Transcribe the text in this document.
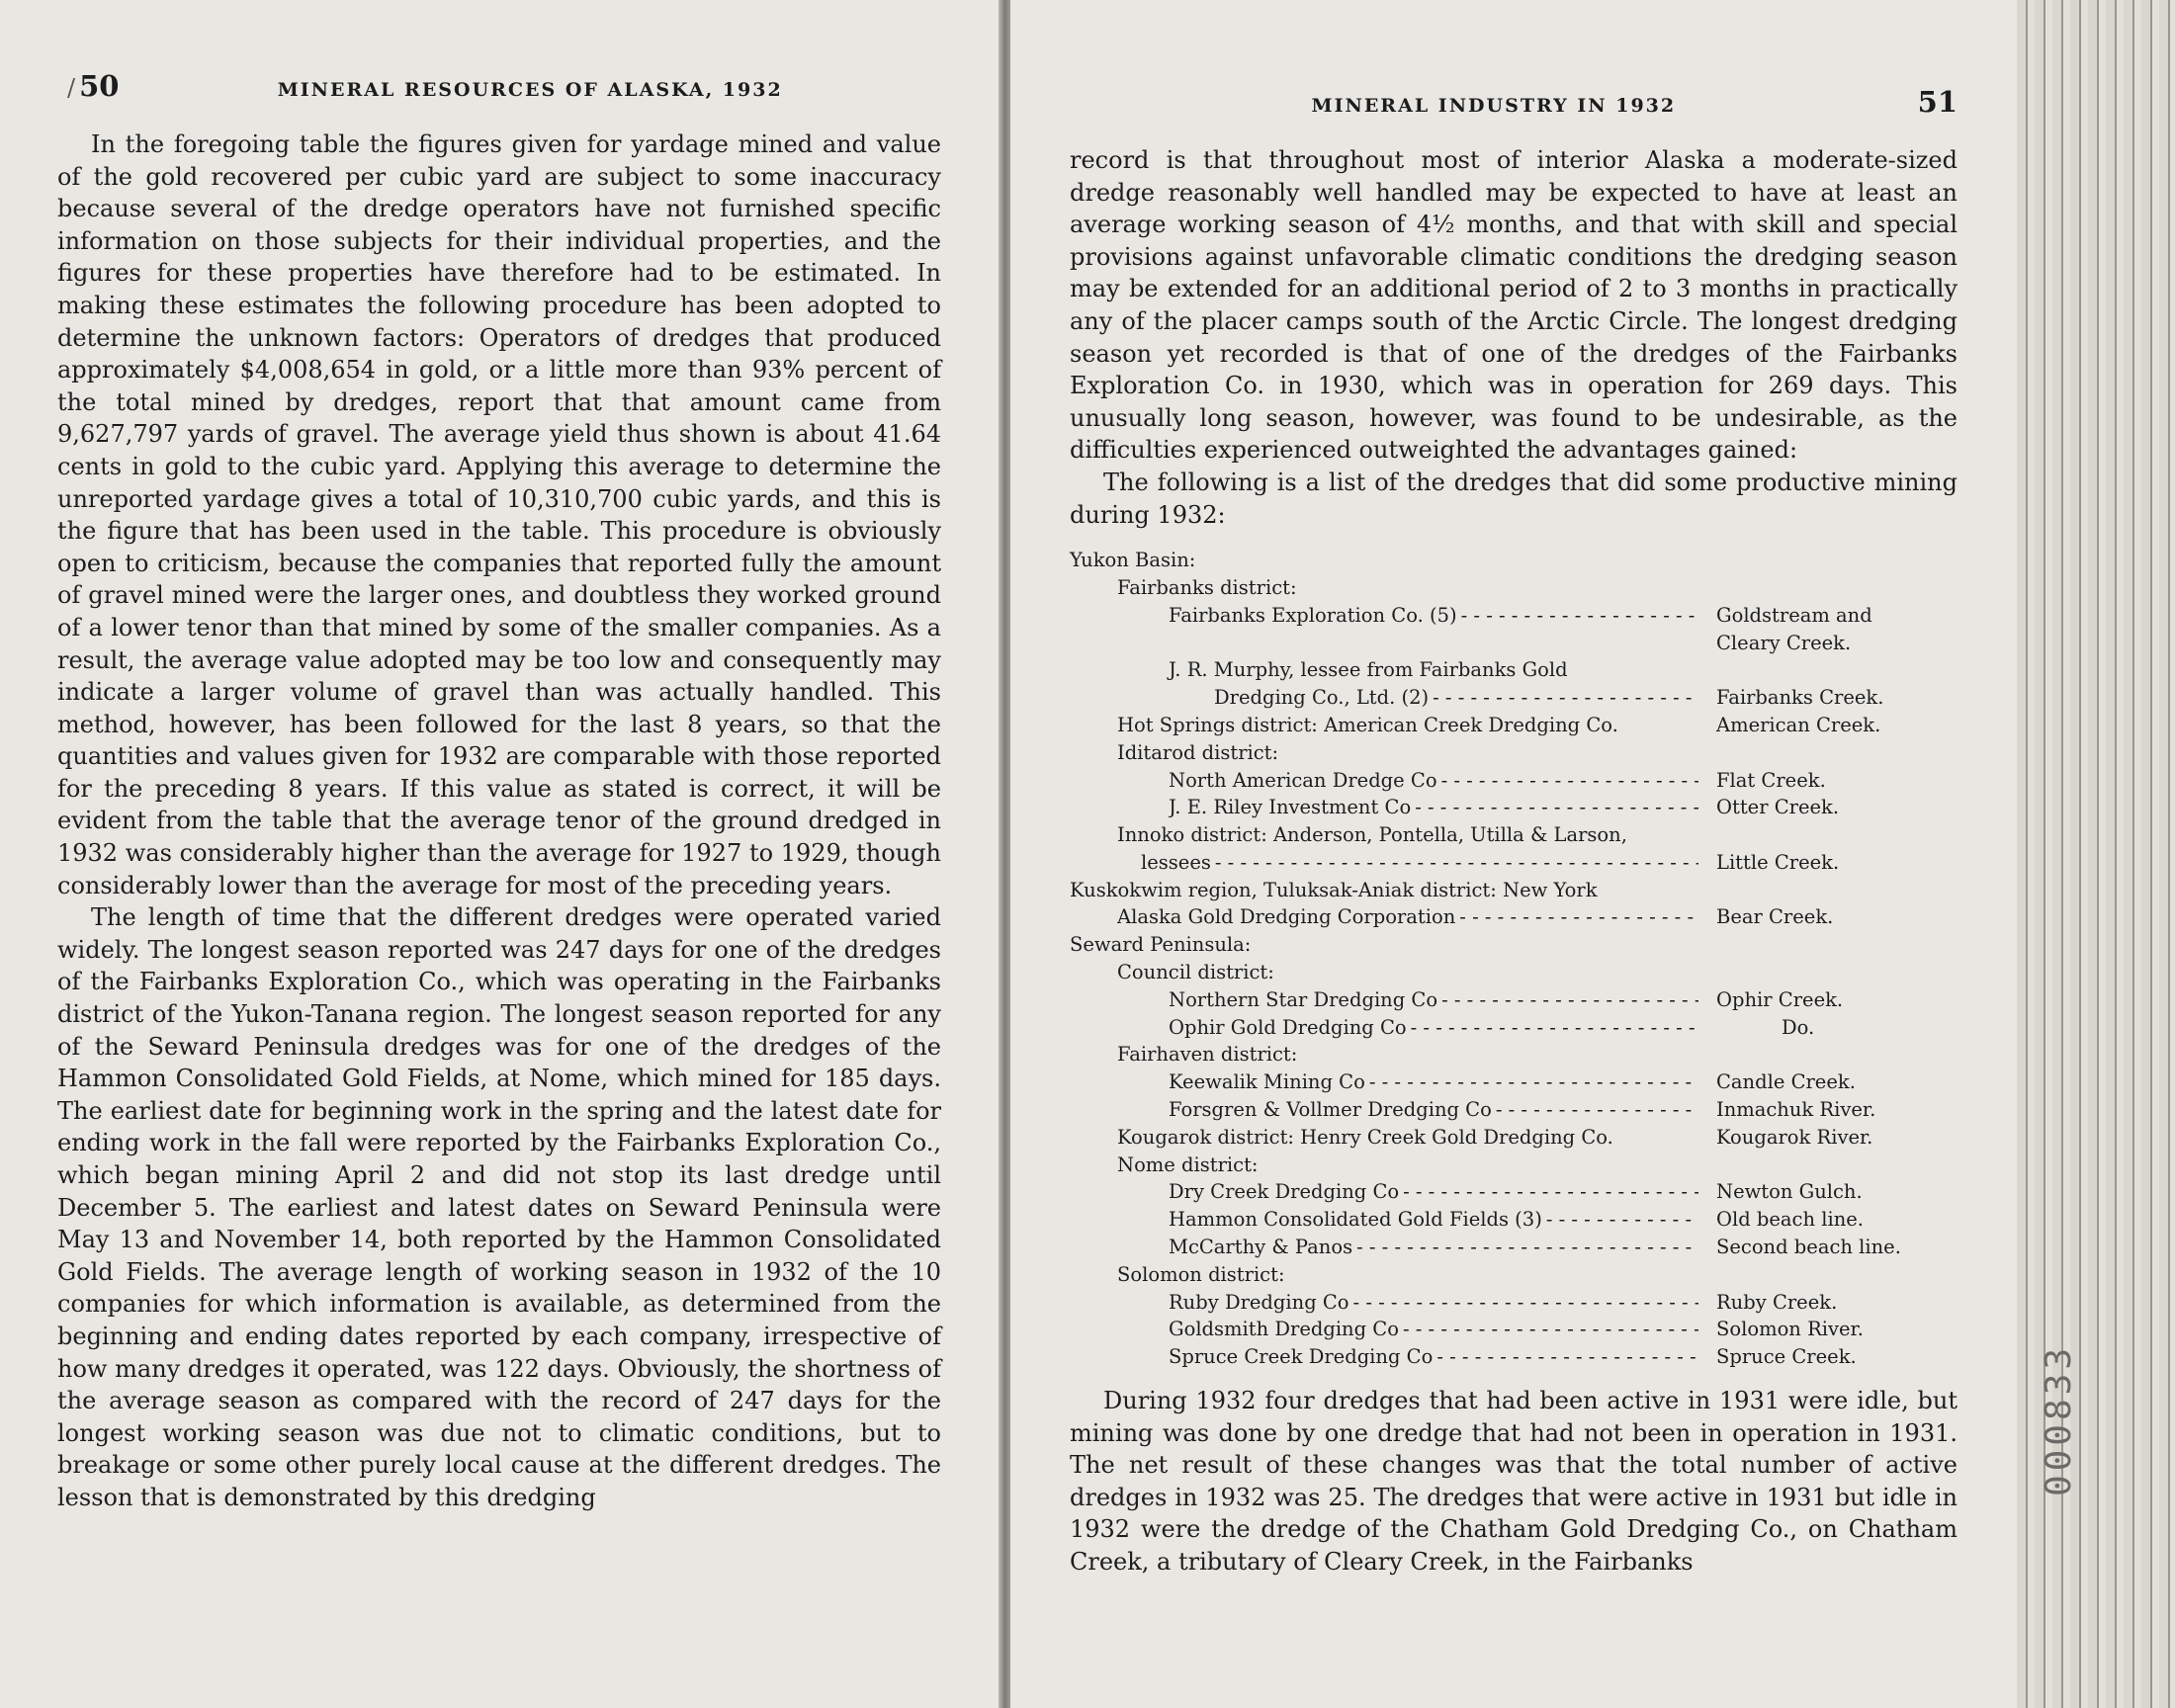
/ 50	MINERAL RESOURCES OF ALASKA, 1932

In the foregoing table the figures given for yardage mined and value of the gold recovered per cubic yard are subject to some inaccuracy because several of the dredge operators have not furnished specific information on those subjects for their individual properties, and the figures for these properties have therefore had to be estimated. In making these estimates the following procedure has been adopted to determine the unknown factors: Operators of dredges that produced approximately $4,008,654 in gold, or a little more than 93% percent of the total mined by dredges, report that that amount came from 9,627,797 yards of gravel. The average yield thus shown is about 41.64 cents in gold to the cubic yard. Applying this average to determine the unreported yardage gives a total of 10,310,700 cubic yards, and this is the figure that has been used in the table. This procedure is obviously open to criticism, because the companies that reported fully the amount of gravel mined were the larger ones, and doubtless they worked ground of a lower tenor than that mined by some of the smaller companies. As a result, the average value adopted may be too low and consequently may indicate a larger volume of gravel than was actually handled. This method, however, has been followed for the last 8 years, so that the quantities and values given for 1932 are comparable with those reported for the preceding 8 years. If this value as stated is correct, it will be evident from the table that the average tenor of the ground dredged in 1932 was considerably higher than the average for 1927 to 1929, though considerably lower than the average for most of the preceding years.

The length of time that the different dredges were operated varied widely. The longest season reported was 247 days for one of the dredges of the Fairbanks Exploration Co., which was operating in the Fairbanks district of the Yukon-Tanana region. The longest season reported for any of the Seward Peninsula dredges was for one of the dredges of the Hammon Consolidated Gold Fields, at Nome, which mined for 185 days. The earliest date for beginning work in the spring and the latest date for ending work in the fall were reported by the Fairbanks Exploration Co., which began mining April 2 and did not stop its last dredge until December 5. The earliest and latest dates on Seward Peninsula were May 13 and November 14, both reported by the Hammon Consolidated Gold Fields. The average length of working season in 1932 of the 10 companies for which information is available, as determined from the beginning and ending dates reported by each company, irrespective of how many dredges it operated, was 122 days. Obviously, the shortness of the average season as compared with the record of 247 days for the longest working season was due not to climatic conditions, but to breakage or some other purely local cause at the different dredges. The lesson that is demonstrated by this dredging

MINERAL INDUSTRY IN 1932	51

record is that throughout most of interior Alaska a moderate-sized dredge reasonably well handled may be expected to have at least an average working season of 4½ months, and that with skill and special provisions against unfavorable climatic conditions the dredging season may be extended for an additional period of 2 to 3 months in practically any of the placer camps south of the Arctic Circle. The longest dredging season yet recorded is that of one of the dredges of the Fairbanks Exploration Co. in 1930, which was in operation for 269 days. This unusually long season, however, was found to be undesirable, as the difficulties experienced outweighted the advantages gained:

The following is a list of the dredges that did some productive mining during 1932:

Yukon Basin:
Fairbanks district:
Fairbanks Exploration Co. (5) - - -	Goldstream and
Cleary Creek.
J. R. Murphy, lessee from Fairbanks Gold
Dredging Co., Ltd. (2) - - -	Fairbanks Creek.
Hot Springs district: American Creek Dredging Co.	American Creek.
Iditarod district:
North American Dredge Co - - -	Flat Creek.
J. E. Riley Investment Co - - -	Otter Creek.
Innoko district: Anderson, Pontella, Utilla & Larson,
lessees - - -	Little Creek.
Kuskokwim region, Tuluksak-Aniak district: New York
Alaska Gold Dredging Corporation - - -	Bear Creek.
Seward Peninsula:
Council district:
Northern Star Dredging Co - - -	Ophir Creek.
Ophir Gold Dredging Co - - -	Do.
Fairhaven district:
Keewalik Mining Co - - -	Candle Creek.
Forsgren & Vollmer Dredging Co - - -	Inmachuk River.
Kougarok district: Henry Creek Gold Dredging Co.	Kougarok River.
Nome district:
Dry Creek Dredging Co - - -	Newton Gulch.
Hammon Consolidated Gold Fields (3) - - -	Old beach line.
McCarthy & Panos - - -	Second beach line.
Solomon district:
Ruby Dredging Co - - -	Ruby Creek.
Goldsmith Dredging Co - - -	Solomon River.
Spruce Creek Dredging Co - - -	Spruce Creek.

During 1932 four dredges that had been active in 1931 were idle, but mining was done by one dredge that had not been in operation in 1931. The net result of these changes was that the total number of active dredges in 1932 was 25. The dredges that were active in 1931 but idle in 1932 were the dredge of the Chatham Gold Dredging Co., on Chatham Creek, a tributary of Cleary Creek, in the Fairbanks

000833
